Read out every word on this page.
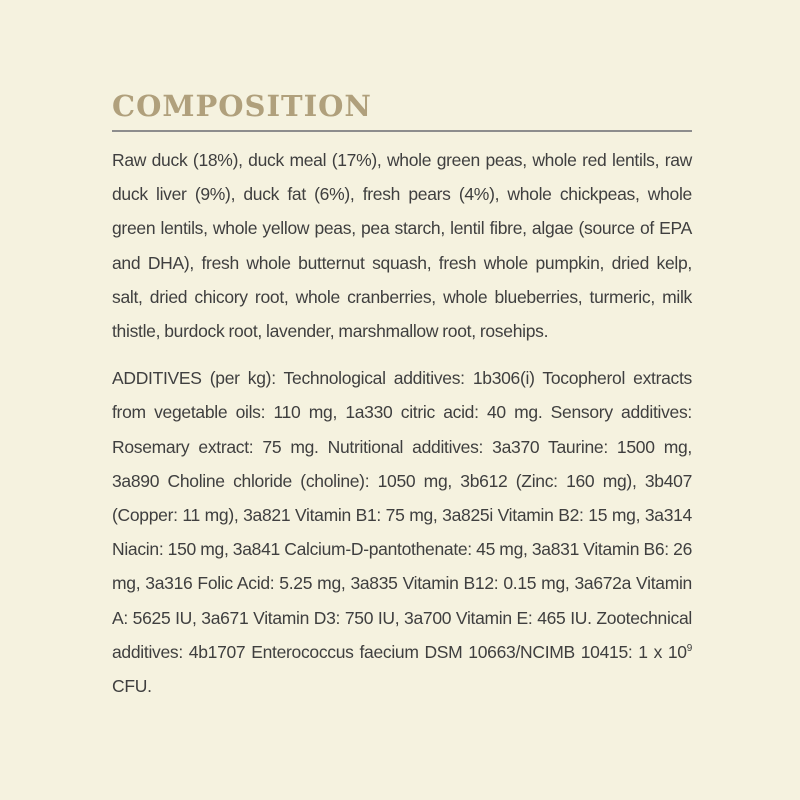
COMPOSITION

Raw duck (18%), duck meal (17%), whole green peas, whole red lentils, raw duck liver (9%), duck fat (6%), fresh pears (4%), whole chickpeas, whole green lentils, whole yellow peas, pea starch, lentil fibre, algae (source of EPA and DHA), fresh whole butternut squash, fresh whole pumpkin, dried kelp, salt, dried chicory root, whole cranberries, whole blueberries, turmeric, milk thistle, burdock root, lavender, marshmallow root, rosehips.

ADDITIVES (per kg): Technological additives: 1b306(i) Tocopherol extracts from vegetable oils: 110 mg, 1a330 citric acid: 40 mg. Sensory additives: Rosemary extract: 75 mg. Nutritional additives: 3a370 Taurine: 1500 mg, 3a890 Choline chloride (choline): 1050 mg, 3b612 (Zinc: 160 mg), 3b407 (Copper: 11 mg), 3a821 Vitamin B1: 75 mg, 3a825i Vitamin B2: 15 mg, 3a314 Niacin: 150 mg, 3a841 Calcium-D-pantothenate: 45 mg, 3a831 Vitamin B6: 26 mg, 3a316 Folic Acid: 5.25 mg, 3a835 Vitamin B12: 0.15 mg, 3a672a Vitamin A: 5625 IU, 3a671 Vitamin D3: 750 IU, 3a700 Vitamin E: 465 IU. Zootechnical additives: 4b1707 Enterococcus faecium DSM 10663/NCIMB 10415: 1 x $10^9$ CFU.
